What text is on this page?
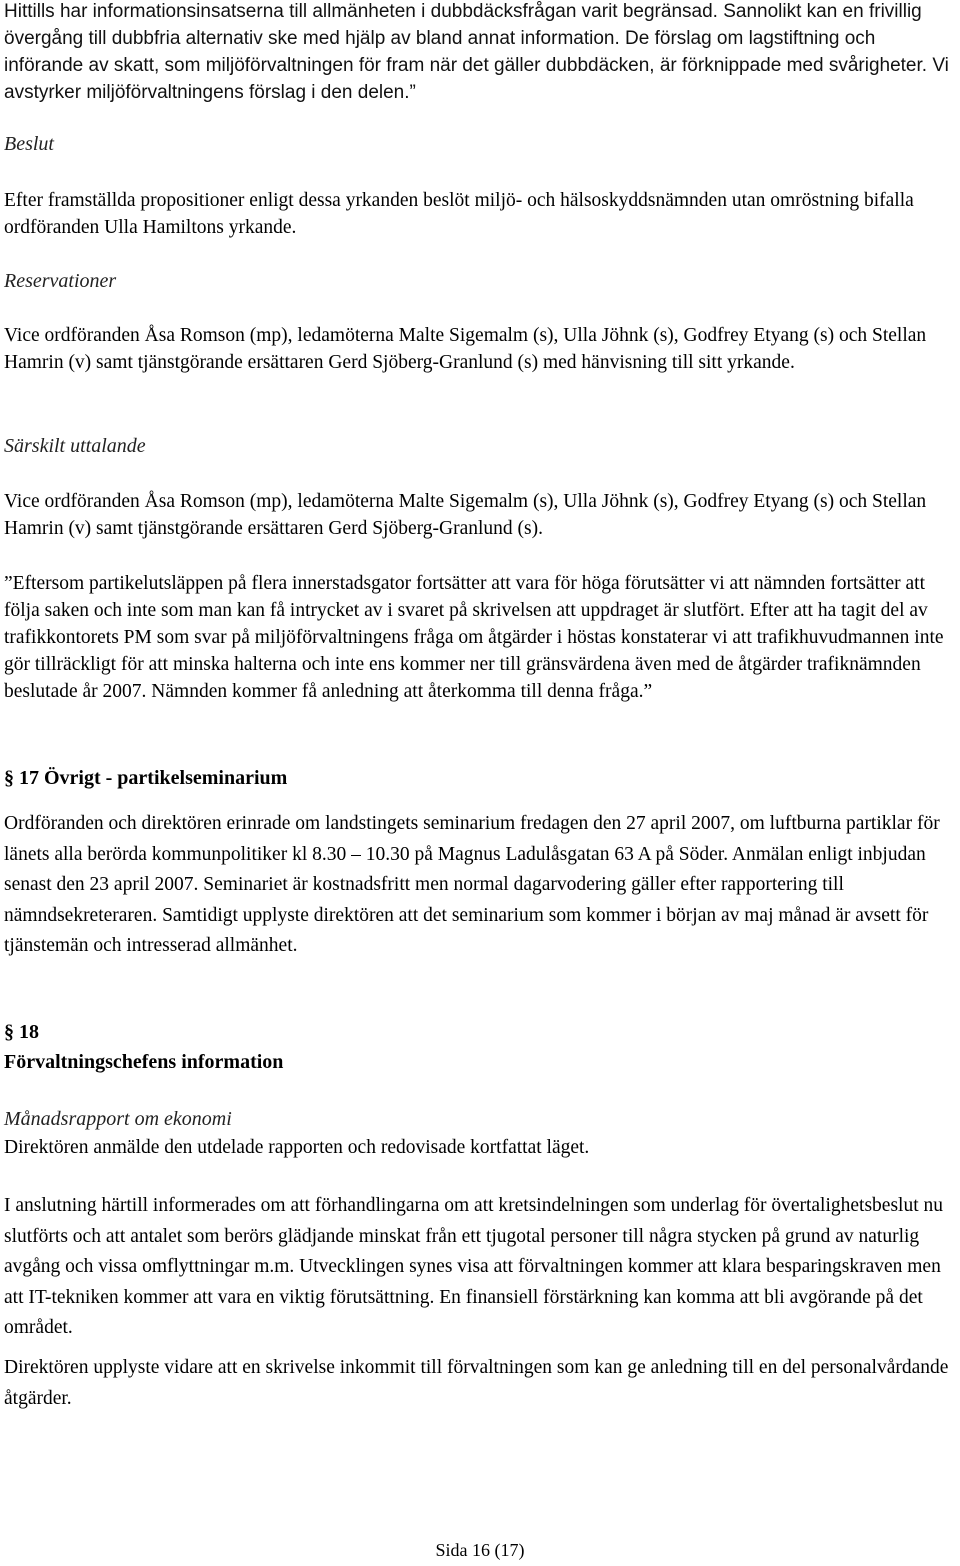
Hittills har informationsinsatserna till allmänheten i dubbdäcksfrågan varit begränsad. Sannolikt kan en frivillig övergång till dubbfria alternativ ske med hjälp av bland annat information. De förslag om lagstiftning och införande av skatt, som miljöförvaltningen för fram när det gäller dubbdäcken, är förknippade med svårigheter. Vi avstyrker miljöförvaltningens förslag i den delen.”

Beslut

Efter framställda propositioner enligt dessa yrkanden beslöt miljö- och hälsoskyddsnämnden utan omröstning bifalla ordföranden Ulla Hamiltons yrkande.

Reservationer

Vice ordföranden Åsa Romson (mp), ledamöterna Malte Sigemalm (s), Ulla Jöhnk (s), Godfrey Etyang (s) och Stellan Hamrin (v) samt tjänstgörande ersättaren Gerd Sjöberg-Granlund (s) med hänvisning till sitt yrkande.

Särskilt uttalande

Vice ordföranden Åsa Romson (mp), ledamöterna Malte Sigemalm (s), Ulla Jöhnk (s), Godfrey Etyang (s) och Stellan Hamrin (v) samt tjänstgörande ersättaren Gerd Sjöberg-Granlund (s).

”Eftersom partikelutsläppen på flera innerstadsgator fortsätter att vara för höga förutsätter vi att nämnden fortsätter att följa saken och inte som man kan få intrycket av i svaret på skrivelsen att uppdraget är slutfört. Efter att ha tagit del av trafikkontorets PM som svar på miljöförvaltningens fråga om åtgärder i höstas konstaterar vi att trafikhuvudmannen inte gör tillräckligt för att minska halterna och inte ens kommer ner till gränsvärdena även med de åtgärder trafiknämnden beslutade år 2007. Nämnden kommer få anledning att återkomma till denna fråga.”

§ 17 Övrigt - partikelseminarium

Ordföranden och direktören erinrade om landstingets seminarium fredagen den 27 april 2007, om luftburna partiklar för länets alla berörda kommunpolitiker kl 8.30 – 10.30 på Magnus Ladulåsgatan 63 A på Söder. Anmälan enligt inbjudan senast den 23 april 2007. Seminariet är kostnadsfritt men normal dagarvodering gäller efter rapportering till nämndsekreteraren. Samtidigt upplyste direktören att det seminarium som kommer i början av maj månad är avsett för tjänstemän och intresserad allmänhet.

§ 18

Förvaltningschefens information

Månadsrapport om ekonomi

Direktören anmälde den utdelade rapporten och redovisade kortfattat läget.

I anslutning härtill informerades om att förhandlingarna om att kretsindelningen som underlag för övertalighetsbeslut nu slutförts och att antalet som berörs glädjande minskat från ett tjugotal personer till några stycken på grund av naturlig avgång och vissa omflyttningar m.m. Utvecklingen synes visa att förvaltningen kommer att klara besparingskraven men att IT-tekniken kommer att vara en viktig förutsättning. En finansiell förstärkning kan komma att bli avgörande på det området.

Direktören upplyste vidare att en skrivelse inkommit till förvaltningen som kan ge anledning till en del personalvårdande åtgärder.

Sida 16 (17)
